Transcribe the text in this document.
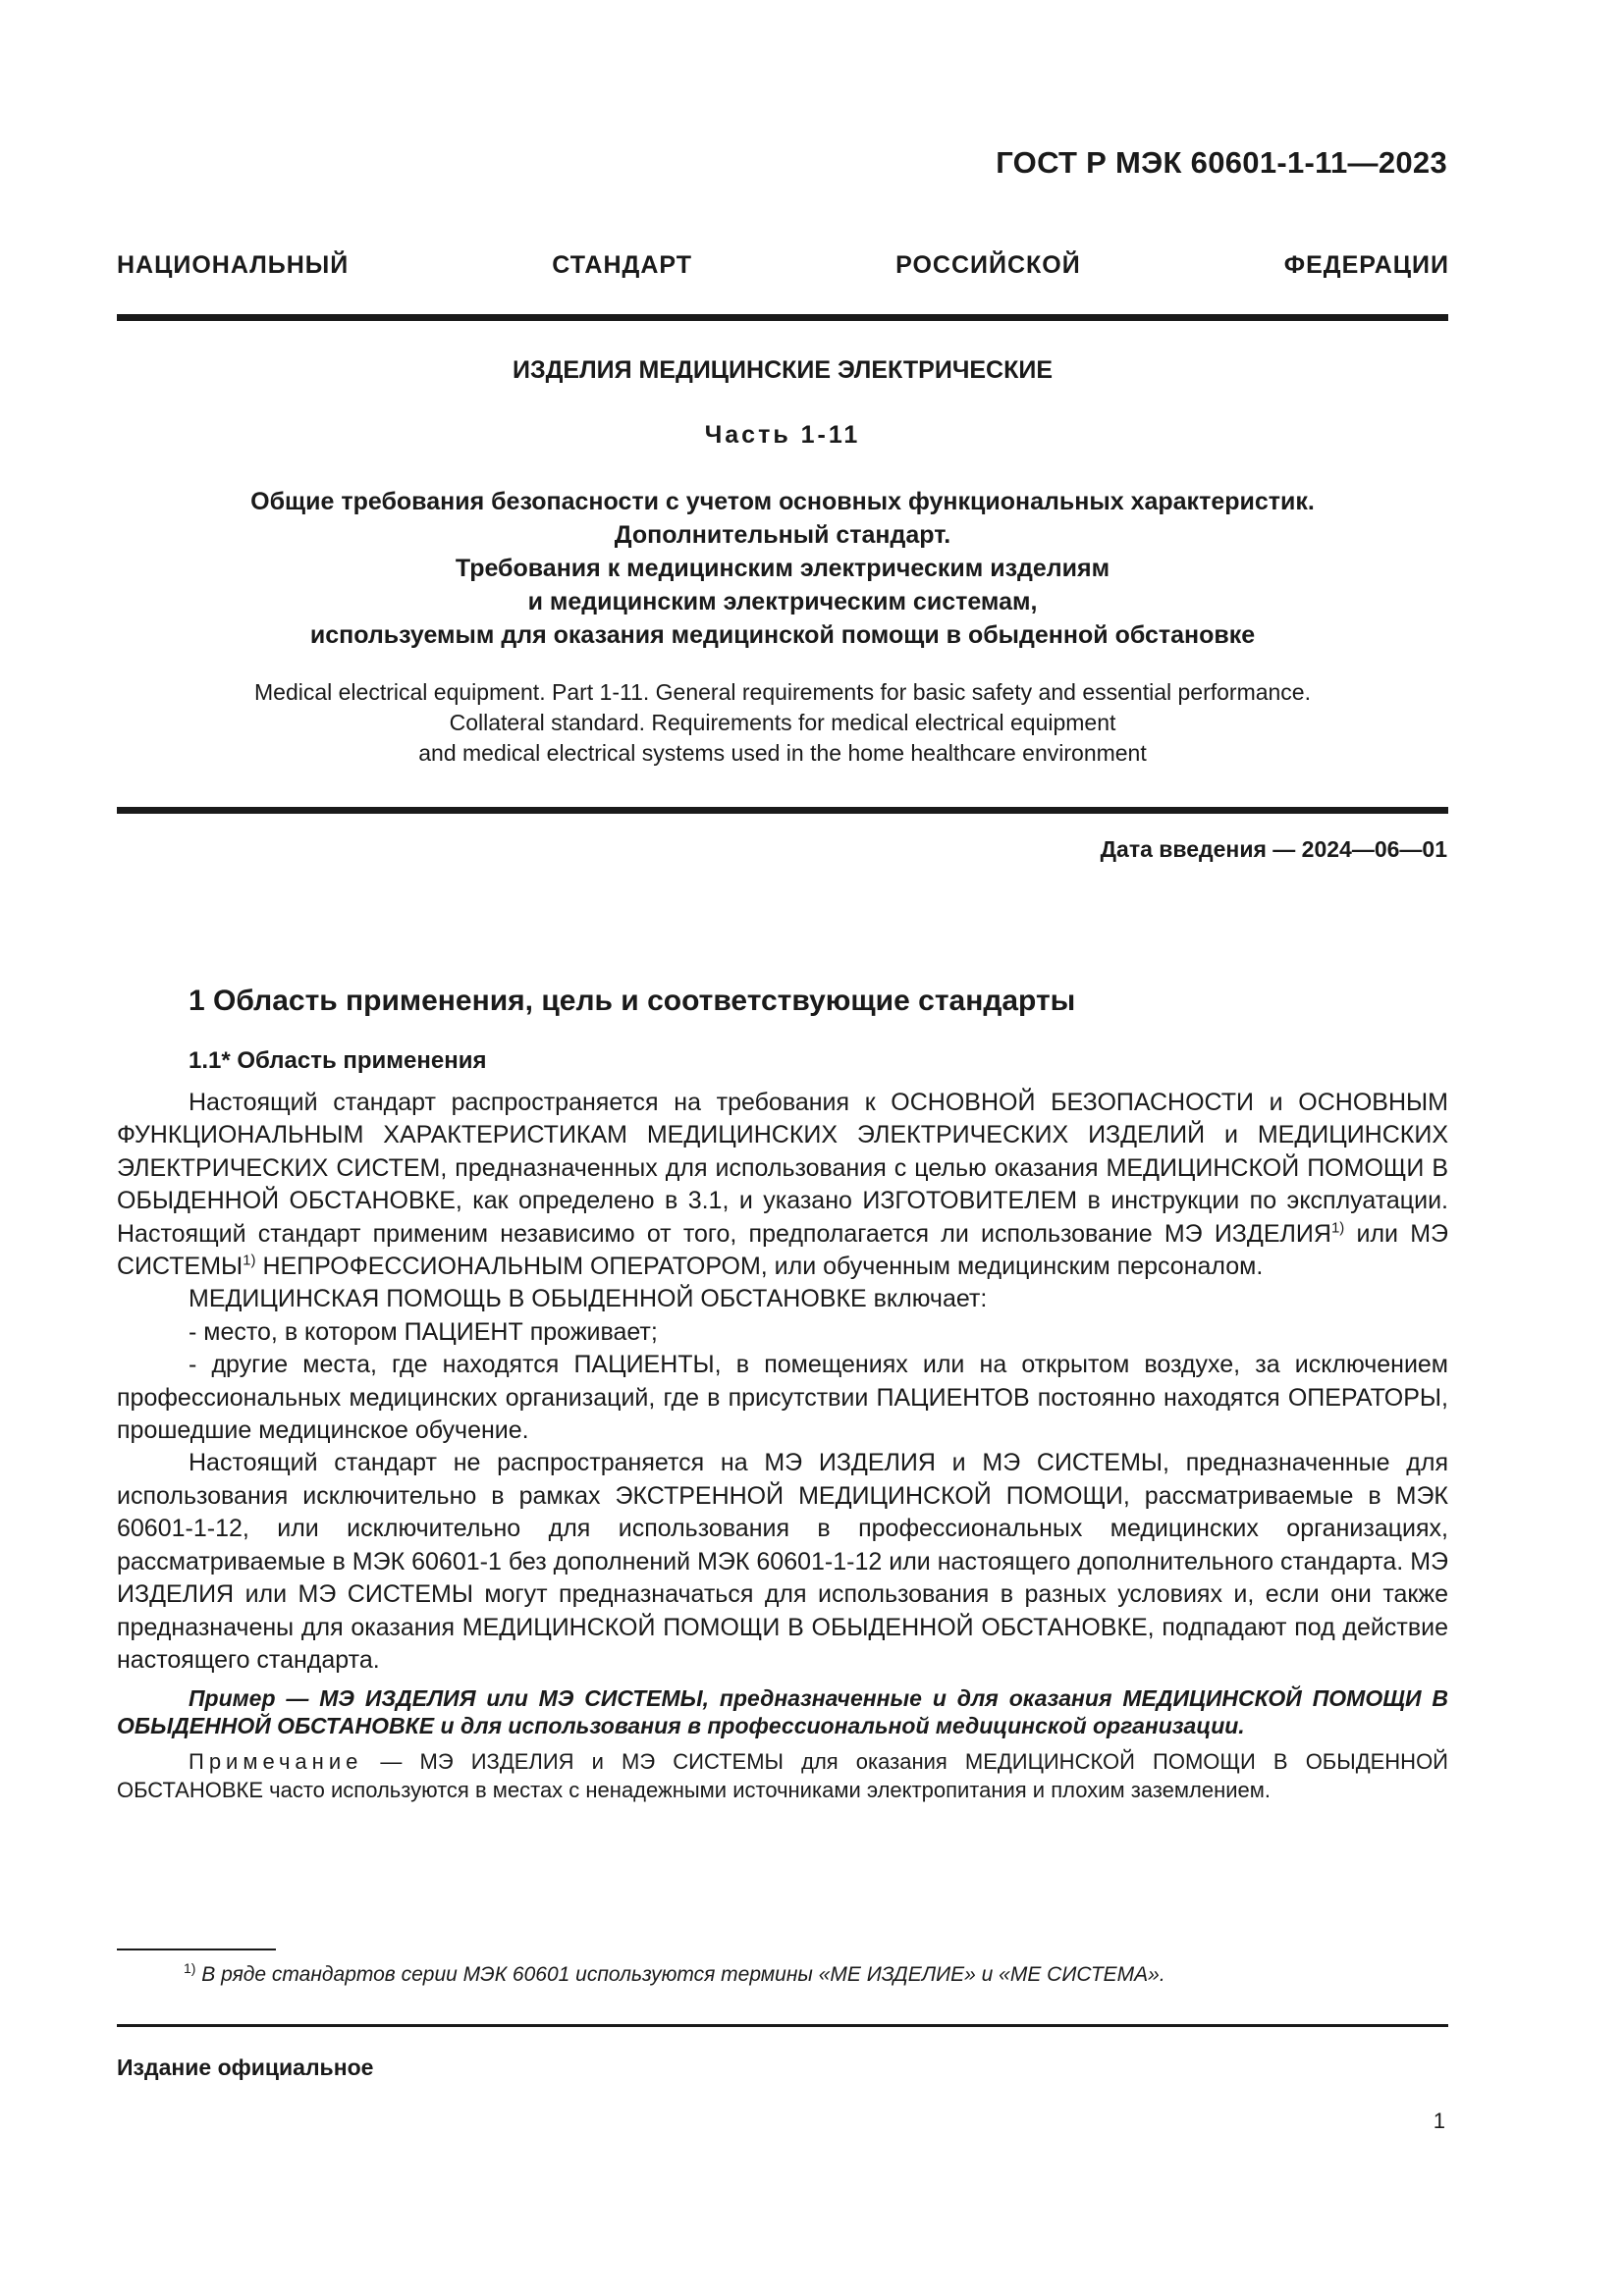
ГОСТ Р МЭК 60601-1-11—2023
НАЦИОНАЛЬНЫЙ СТАНДАРТ РОССИЙСКОЙ ФЕДЕРАЦИИ
ИЗДЕЛИЯ МЕДИЦИНСКИЕ ЭЛЕКТРИЧЕСКИЕ
Часть 1-11
Общие требования безопасности с учетом основных функциональных характеристик.
Дополнительный стандарт.
Требования к медицинским электрическим изделиям
и медицинским электрическим системам,
используемым для оказания медицинской помощи в обыденной обстановке
Medical electrical equipment. Part 1-11. General requirements for basic safety and essential performance.
Collateral standard. Requirements for medical electrical equipment
and medical electrical systems used in the home healthcare environment
Дата введения — 2024—06—01
1 Область применения, цель и соответствующие стандарты
1.1* Область применения

Настоящий стандарт распространяется на требования к ОСНОВНОЙ БЕЗОПАСНОСТИ и ОСНОВНЫМ ФУНКЦИОНАЛЬНЫМ ХАРАКТЕРИСТИКАМ МЕДИЦИНСКИХ ЭЛЕКТРИЧЕСКИХ ИЗДЕЛИЙ и МЕДИЦИНСКИХ ЭЛЕКТРИЧЕСКИХ СИСТЕМ, предназначенных для использования с целью оказания МЕДИЦИНСКОЙ ПОМОЩИ В ОБЫДЕННОЙ ОБСТАНОВКЕ, как определено в 3.1, и указано ИЗГОТОВИТЕЛЕМ в инструкции по эксплуатации. Настоящий стандарт применим независимо от того, предполагается ли использование МЭ ИЗДЕЛИЯ$^{1)}$ или МЭ СИСТЕМЫ$^{1)}$ НЕПРОФЕССИОНАЛЬНЫМ ОПЕРАТОРОМ, или обученным медицинским персоналом.

МЕДИЦИНСКАЯ ПОМОЩЬ В ОБЫДЕННОЙ ОБСТАНОВКЕ включает:

- место, в котором ПАЦИЕНТ проживает;

- другие места, где находятся ПАЦИЕНТЫ, в помещениях или на открытом воздухе, за исключением профессиональных медицинских организаций, где в присутствии ПАЦИЕНТОВ постоянно находятся ОПЕРАТОРЫ, прошедшие медицинское обучение.

Настоящий стандарт не распространяется на МЭ ИЗДЕЛИЯ и МЭ СИСТЕМЫ, предназначенные для использования исключительно в рамках ЭКСТРЕННОЙ МЕДИЦИНСКОЙ ПОМОЩИ, рассматриваемые в МЭК 60601-1-12, или исключительно для использования в профессиональных медицинских организациях, рассматриваемые в МЭК 60601-1 без дополнений МЭК 60601-1-12 или настоящего дополнительного стандарта. МЭ ИЗДЕЛИЯ или МЭ СИСТЕМЫ могут предназначаться для использования в разных условиях и, если они также предназначены для оказания МЕДИЦИНСКОЙ ПОМОЩИ В ОБЫДЕННОЙ ОБСТАНОВКЕ, подпадают под действие настоящего стандарта.

Пример — МЭ ИЗДЕЛИЯ или МЭ СИСТЕМЫ, предназначенные и для оказания МЕДИЦИНСКОЙ ПОМОЩИ В ОБЫДЕННОЙ ОБСТАНОВКЕ и для использования в профессиональной медицинской организации.

Примечание — МЭ ИЗДЕЛИЯ и МЭ СИСТЕМЫ для оказания МЕДИЦИНСКОЙ ПОМОЩИ В ОБЫДЕННОЙ ОБСТАНОВКЕ часто используются в местах с ненадежными источниками электропитания и плохим заземлением.

$^{1)}$ В ряде стандартов серии МЭК 60601 используются термины «МЕ ИЗДЕЛИЕ» и «МЕ СИСТЕМА».
Издание официальное
1
